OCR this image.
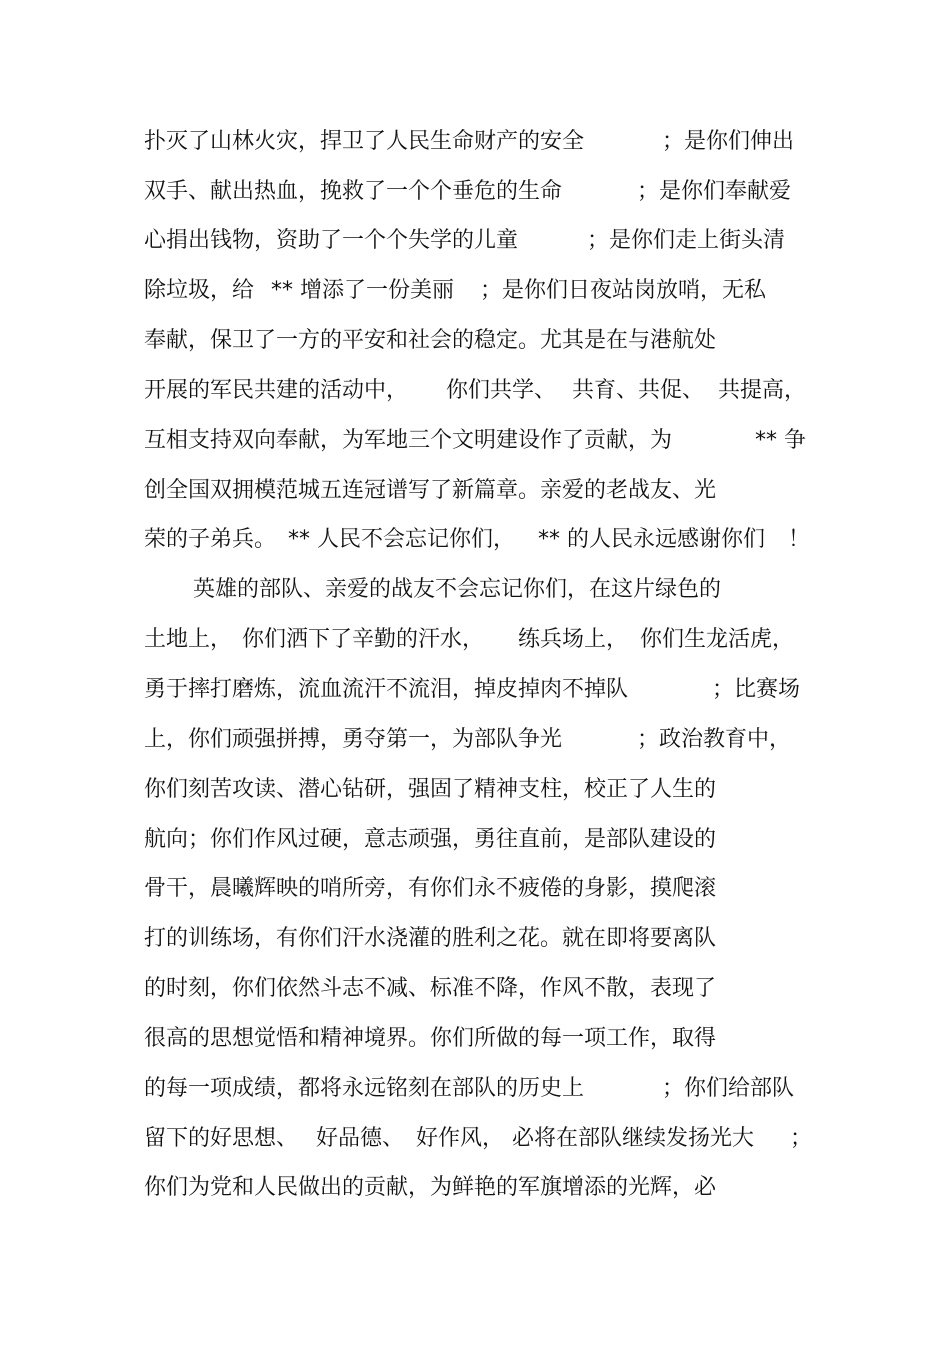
扑灭了山林火灾，捍卫了人民生命财产的安全

	；是你们伸出

双手、献出热血，挽救了一个个垂危的生命

	；是你们奉献爱

心捐出钱物，资助了一个个失学的儿童

	；是你们走上街头清

除垃圾，给

** 增添了一份美丽

；是你们日夜站岗放哨，无私

奉献，保卫了一方的平安和社会的稳定。尤其是在与港航处

开展的军民共建的活动中，

你们共学、

共育、共促、

共提高，

互相支持双向奉献，为军地三个文明建设作了贡献，为

	** 争

创全国双拥模范城五连冠谱写了新篇章。亲爱的老战友、光

荣的子弟兵。

** 人民不会忘记你们，

** 的人民永远感谢你们

！

英雄的部队、亲爱的战友不会忘记你们，在这片绿色的

土地上，

你们洒下了辛勤的汗水，

练兵场上，

你们生龙活虎，

勇于摔打磨炼，流血流汗不流泪，掉皮掉肉不掉队

	；比赛场

上，你们顽强拼搏，勇夺第一，为部队争光

	；政治教育中，

你们刻苦攻读、潜心钻研，强固了精神支柱，校正了人生的

航向；你们作风过硬，意志顽强，勇往直前，是部队建设的

骨干，晨曦辉映的哨所旁，有你们永不疲倦的身影，摸爬滚

打的训练场，有你们汗水浇灌的胜利之花。就在即将要离队

的时刻，你们依然斗志不减、标准不降，作风不散，表现了

很高的思想觉悟和精神境界。你们所做的每一项工作，取得

的每一项成绩，都将永远铭刻在部队的历史上

	；你们给部队

留下的好思想、

好品德、

好作风，

必将在部队继续发扬光大

；

你们为党和人民做出的贡献，为鲜艳的军旗增添的光辉，必
